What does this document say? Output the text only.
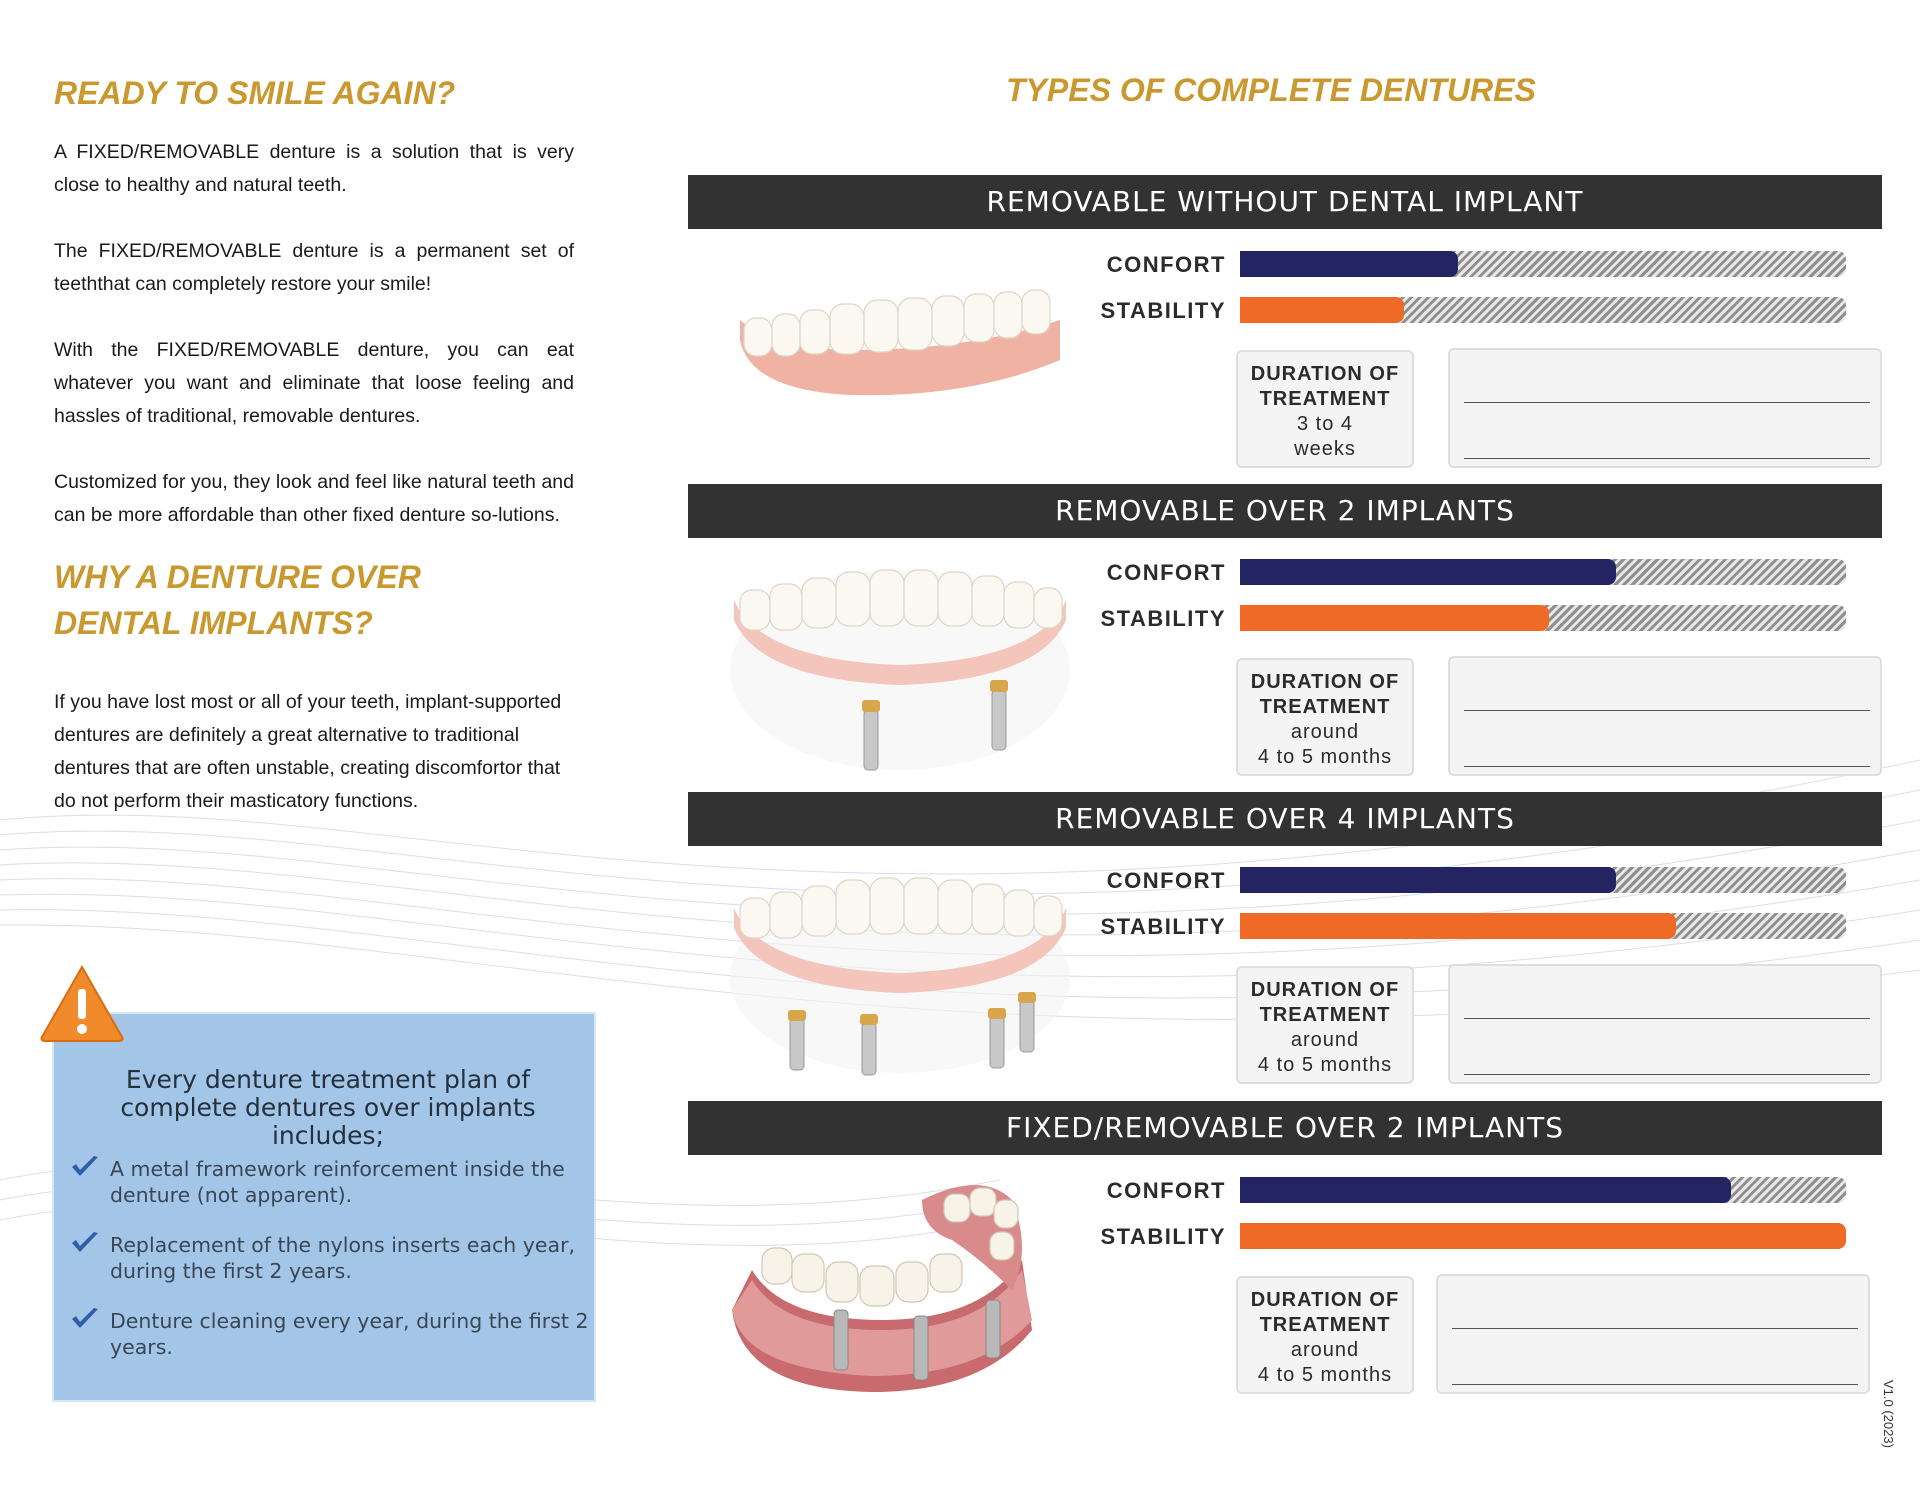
READY TO SMILE AGAIN?

A FIXED/REMOVABLE denture is a solution that is very close to healthy and natural teeth.

The FIXED/REMOVABLE denture is a permanent set of teeththat can completely restore your smile!

With the FIXED/REMOVABLE denture, you can eat whatever you want and eliminate that loose feeling and hassles of traditional, removable dentures.

Customized for you, they look and feel like natural teeth and can be more affordable than other fixed denture so-lutions.

WHY A DENTURE OVER
DENTAL IMPLANTS?

If you have lost most or all of your teeth, implant-supported dentures are definitely a great alternative to traditional dentures that are often unstable, creating discomfortor that do not perform their masticatory functions.

Every denture treatment plan of complete dentures over implants includes;
A metal framework reinforcement inside the denture (not apparent).
Replacement of the nylons inserts each year, during the first 2 years.
Denture cleaning every year, during the first 2 years.
TYPES OF COMPLETE DENTURES
REMOVABLE WITHOUT DENTAL IMPLANT
CONFORT
STABILITY
DURATION OF
TREATMENT
3 to 4
weeks
REMOVABLE OVER 2 IMPLANTS
CONFORT
STABILITY
DURATION OF
TREATMENT
around
4 to 5 months
REMOVABLE OVER 4 IMPLANTS
CONFORT
STABILITY
DURATION OF
TREATMENT
around
4 to 5 months
FIXED/REMOVABLE OVER 2 IMPLANTS
CONFORT
STABILITY
DURATION OF
TREATMENT
around
4 to 5 months
V1.0 (2023)
